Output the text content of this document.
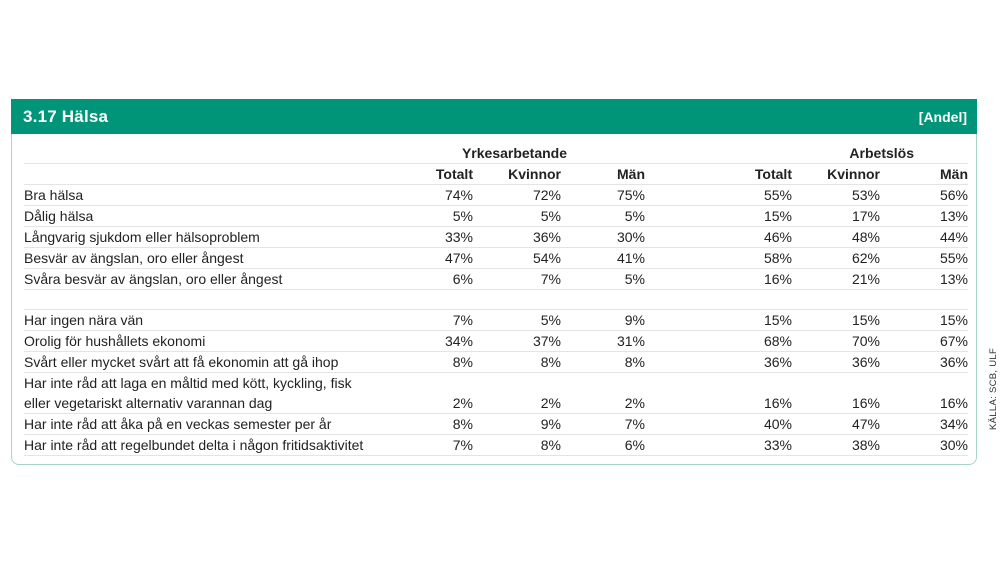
3.17 Hälsa	[Andel]
	Yrkesarbetande			Arbetslös		
	Totalt	Kvinnor	Män	Totalt	Kvinnor	Män
Bra hälsa	74%	72%	75%	55%	53%	56%
Dålig hälsa	5%	5%	5%	15%	17%	13%
Långvarig sjukdom eller hälsoproblem	33%	36%	30%	46%	48%	44%
Besvär av ängslan, oro eller ångest	47%	54%	41%	58%	62%	55%
Svåra besvär av ängslan, oro eller ångest	6%	7%	5%	16%	21%	13%

Har ingen nära vän	7%	5%	9%	15%	15%	15%
Orolig för hushållets ekonomi	34%	37%	31%	68%	70%	67%
Svårt eller mycket svårt att få ekonomin att gå ihop	8%	8%	8%	36%	36%	36%

Har inte råd att laga en måltid med kött, kyckling, fisk
eller vegetariskt alternativ varannan dag	2%	2%	2%	16%	16%	16%
Har inte råd att åka på en veckas semester per år	8%	9%	7%	40%	47%	34%
Har inte råd att regelbundet delta i någon fritidsaktivitet	7%	8%	6%	33%	38%	30%
KÄLLA: SCB, ULF
